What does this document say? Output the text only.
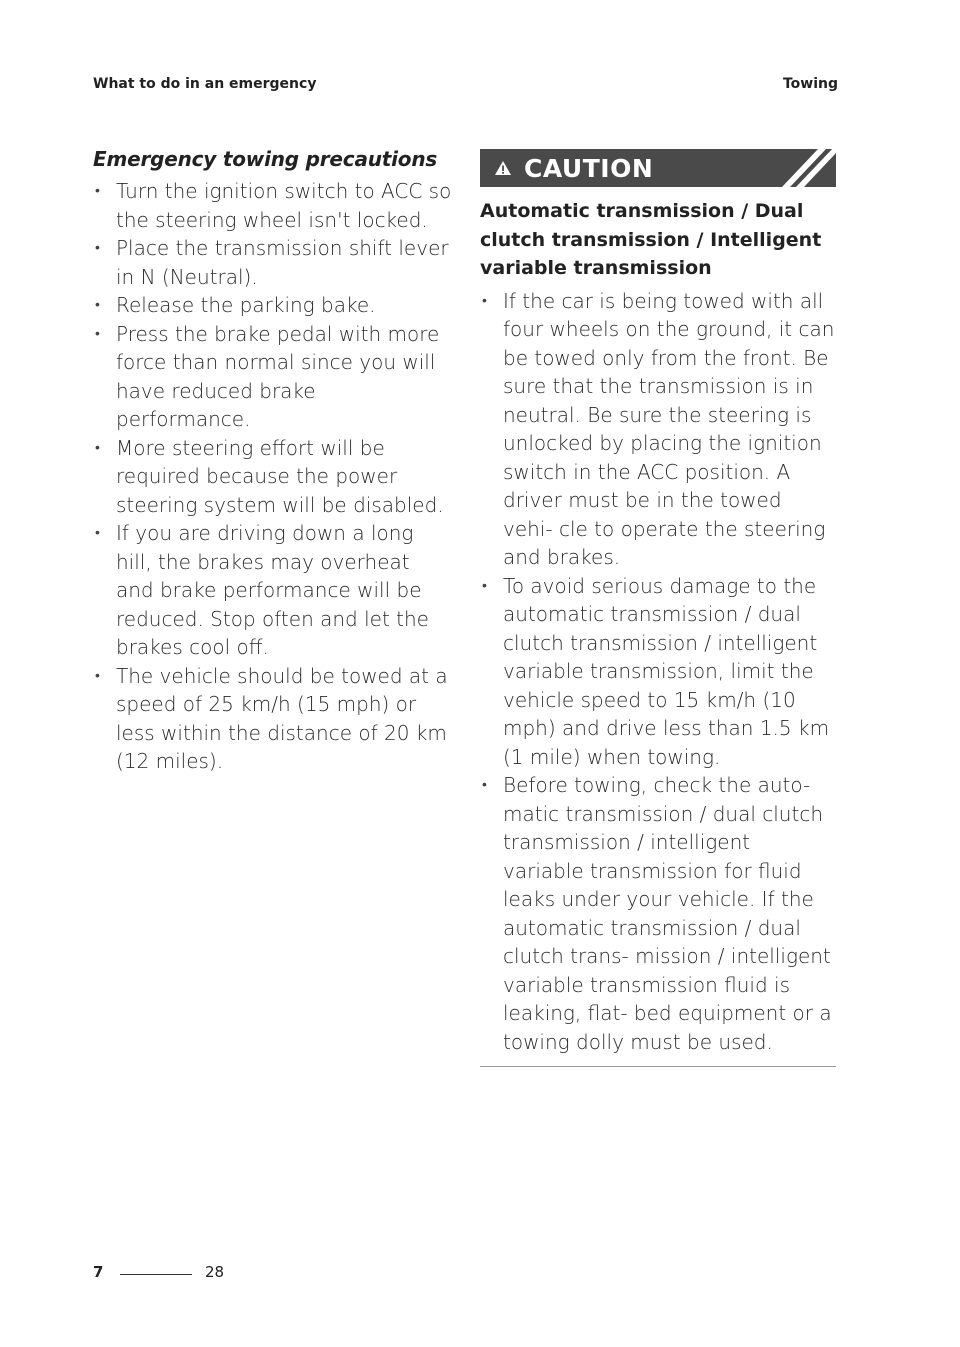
What to do in an emergency	Towing
Emergency towing precautions
• Turn the ignition switch to ACC so the steering wheel isn't locked.
• Place the transmission shift lever in N (Neutral).
• Release the parking bake.
• Press the brake pedal with more force than normal since you will have reduced brake performance.
• More steering effort will be required because the power steering system will be disabled.
• If you are driving down a long hill, the brakes may overheat and brake performance will be reduced. Stop often and let the brakes cool off.
• The vehicle should be towed at a speed of 25 km/h (15 mph) or less within the distance of 20 km (12 miles).
CAUTION
Automatic transmission / Dual clutch transmission / Intelligent variable transmission
• If the car is being towed with all four wheels on the ground, it can be towed only from the front. Be sure that the transmission is in neutral. Be sure the steering is unlocked by placing the ignition switch in the ACC position. A driver must be in the towed vehi‐ cle to operate the steering and brakes.
• To avoid serious damage to the automatic transmission / dual clutch transmission / intelligent variable transmission, limit the vehicle speed to 15 km/h (10 mph) and drive less than 1.5 km (1 mile) when towing.
• Before towing, check the auto‐ matic transmission / dual clutch transmission / intelligent variable transmission for fluid leaks under your vehicle. If the automatic transmission / dual clutch trans‐ mission / intelligent variable transmission fluid is leaking, flat‐ bed equipment or a towing dolly must be used.
7	28
